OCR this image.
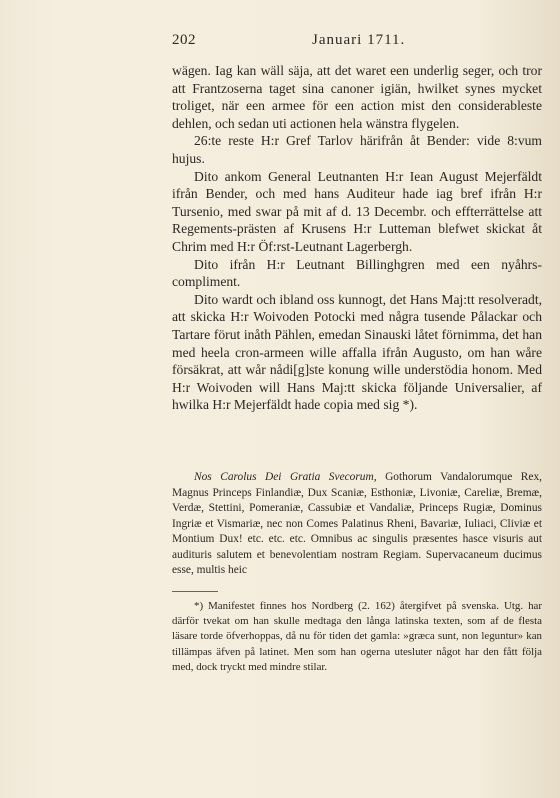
202	Januari 1711.

wägen. Iag kan wäll säja, att det waret een underlig seger, och tror att Frantzoserna taget sina canoner igiän, hwilket synes mycket troliget, när een armee för een action mist den considerableste dehlen, och sedan uti actionen hela wänstra flygelen.

26:te reste H:r Gref Tarlov härifrån åt Bender: vide 8:vum hujus.

Dito ankom General Leutnanten H:r Iean August Mejerfäldt ifrån Bender, och med hans Auditeur hade iag bref ifrån H:r Tursenio, med swar på mit af d. 13 Decembr. och effterrättelse att Regements-prästen af Krusens H:r Lutteman blefwet skickat åt Chrim med H:r Öf:rst-Leutnant Lagerbergh.

Dito ifrån H:r Leutnant Billinghgren med een nyåhrs-compliment.

Dito wardt och ibland oss kunnogt, det Hans Maj:tt resolveradt, att skicka H:r Woivoden Potocki med några tusende Pålackar och Tartare förut inåth Pählen, emedan Sinauski låtet förnimma, det han med heela cron-armeen wille affalla ifrån Augusto, om han wåre försäkrat, att wår nådi[g]ste konung wille understödia honom. Med H:r Woivoden will Hans Maj:tt skicka följande Universalier, af hwilka H:r Mejerfäldt hade copia med sig *).

Nos Carolus Dei Gratia Svecorum, Gothorum Vandalorumque Rex, Magnus Princeps Finlandiæ, Dux Scaniæ, Esthoniæ, Livoniæ, Careliæ, Bremæ, Verdæ, Stettini, Pomeraniæ, Cassubiæ et Vandaliæ, Princeps Rugiæ, Dominus Ingriæ et Vismariæ, nec non Comes Palatinus Rheni, Bavariæ, Iuliaci, Cliviæ et Montium Dux! etc. etc. etc. Omnibus ac singulis præsentes hasce visuris aut audituris salutem et benevolentiam nostram Regiam. Supervacaneum ducimus esse, multis heic

*) Manifestet finnes hos Nordberg (2. 162) återgifvet på svenska. Utg. har därför tvekat om han skulle medtaga den långa latinska texten, som af de flesta läsare torde öfverhoppas, då nu för tiden det gamla: »græca sunt, non leguntur» kan tillämpas äfven på latinet. Men som han ogerna utesluter något har den fått följa med, dock tryckt med mindre stilar.
